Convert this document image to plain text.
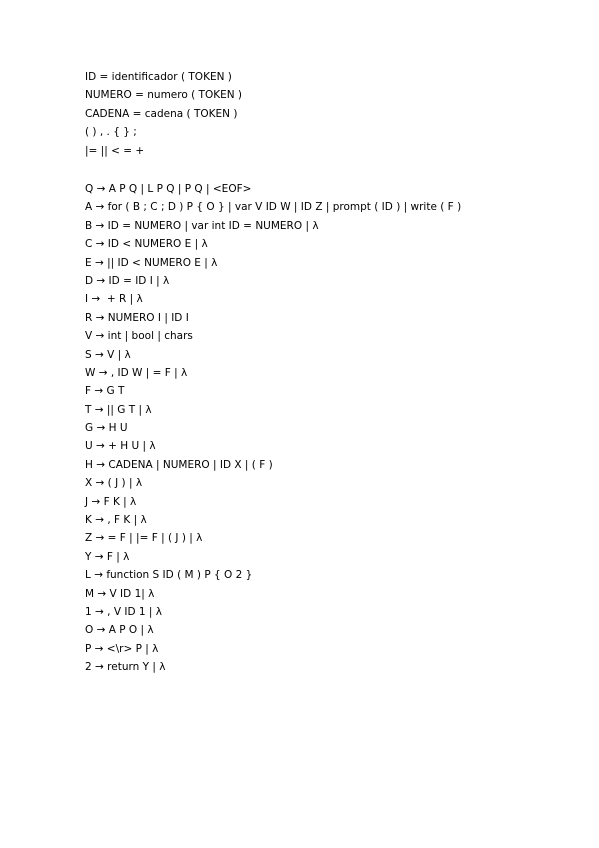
ID = identificador ( TOKEN )
NUMERO = numero ( TOKEN )
CADENA = cadena ( TOKEN )
( ) , . { } ;
|= || < = +
Q → A P Q | L P Q | P Q | <EOF>
A → for ( B ; C ; D ) P { O } | var V ID W | ID Z | prompt ( ID ) | write ( F )
B → ID = NUMERO | var int ID = NUMERO | λ
C → ID < NUMERO E | λ
E → || ID < NUMERO E | λ
D → ID = ID I | λ
I →  + R | λ
R → NUMERO I | ID I
V → int | bool | chars
S → V | λ
W → , ID W | = F | λ
F → G T
T → || G T | λ
G → H U
U → + H U | λ
H → CADENA | NUMERO | ID X | ( F )
X → ( J ) | λ
J → F K | λ
K → , F K | λ
Z → = F | |= F | ( J ) | λ
Y → F | λ
L → function S ID ( M ) P { O 2 }
M → V ID 1| λ
1 → , V ID 1 | λ
O → A P O | λ
P → <\r> P | λ
2 → return Y | λ
